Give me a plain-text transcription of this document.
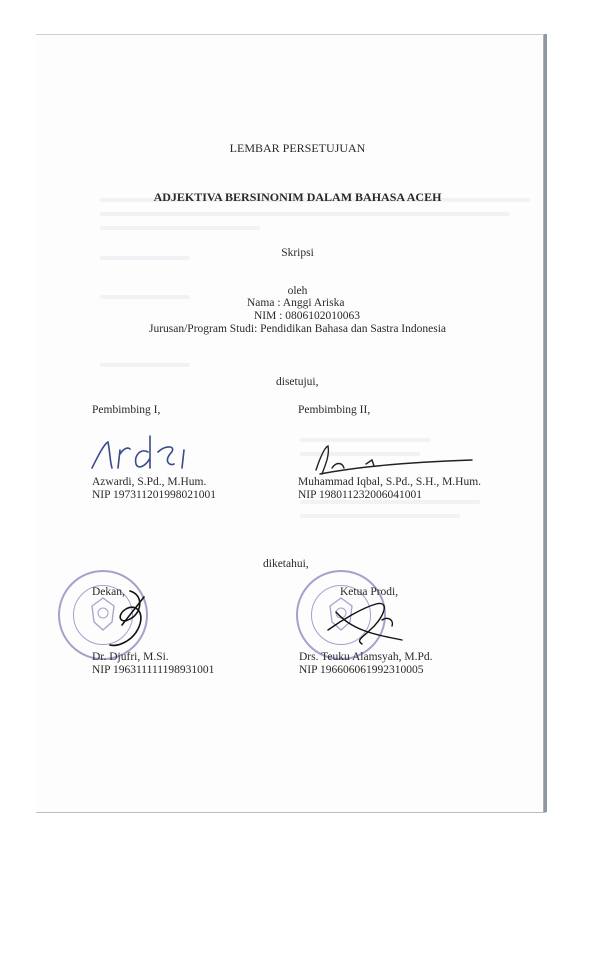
LEMBAR PERSETUJUAN
ADJEKTIVA BERSINONIM DALAM BAHASA ACEH
Skripsi
oleh
Nama : Anggi Ariska
NIM : 0806102010063
Jurusan/Program Studi: Pendidikan Bahasa dan Sastra Indonesia
disetujui,
Pembimbing I,	Pembimbing II,
Azwardi, S.Pd., M.Hum.
NIP 197311201998021001
Muhammad Iqbal, S.Pd., S.H., M.Hum.
NIP 198011232006041001
diketahui,
Dekan,	Ketua Prodi,
Dr. Djufri, M.Si.
NIP 196311111198931001
Drs. Teuku Alamsyah, M.Pd.
NIP 196606061992310005
